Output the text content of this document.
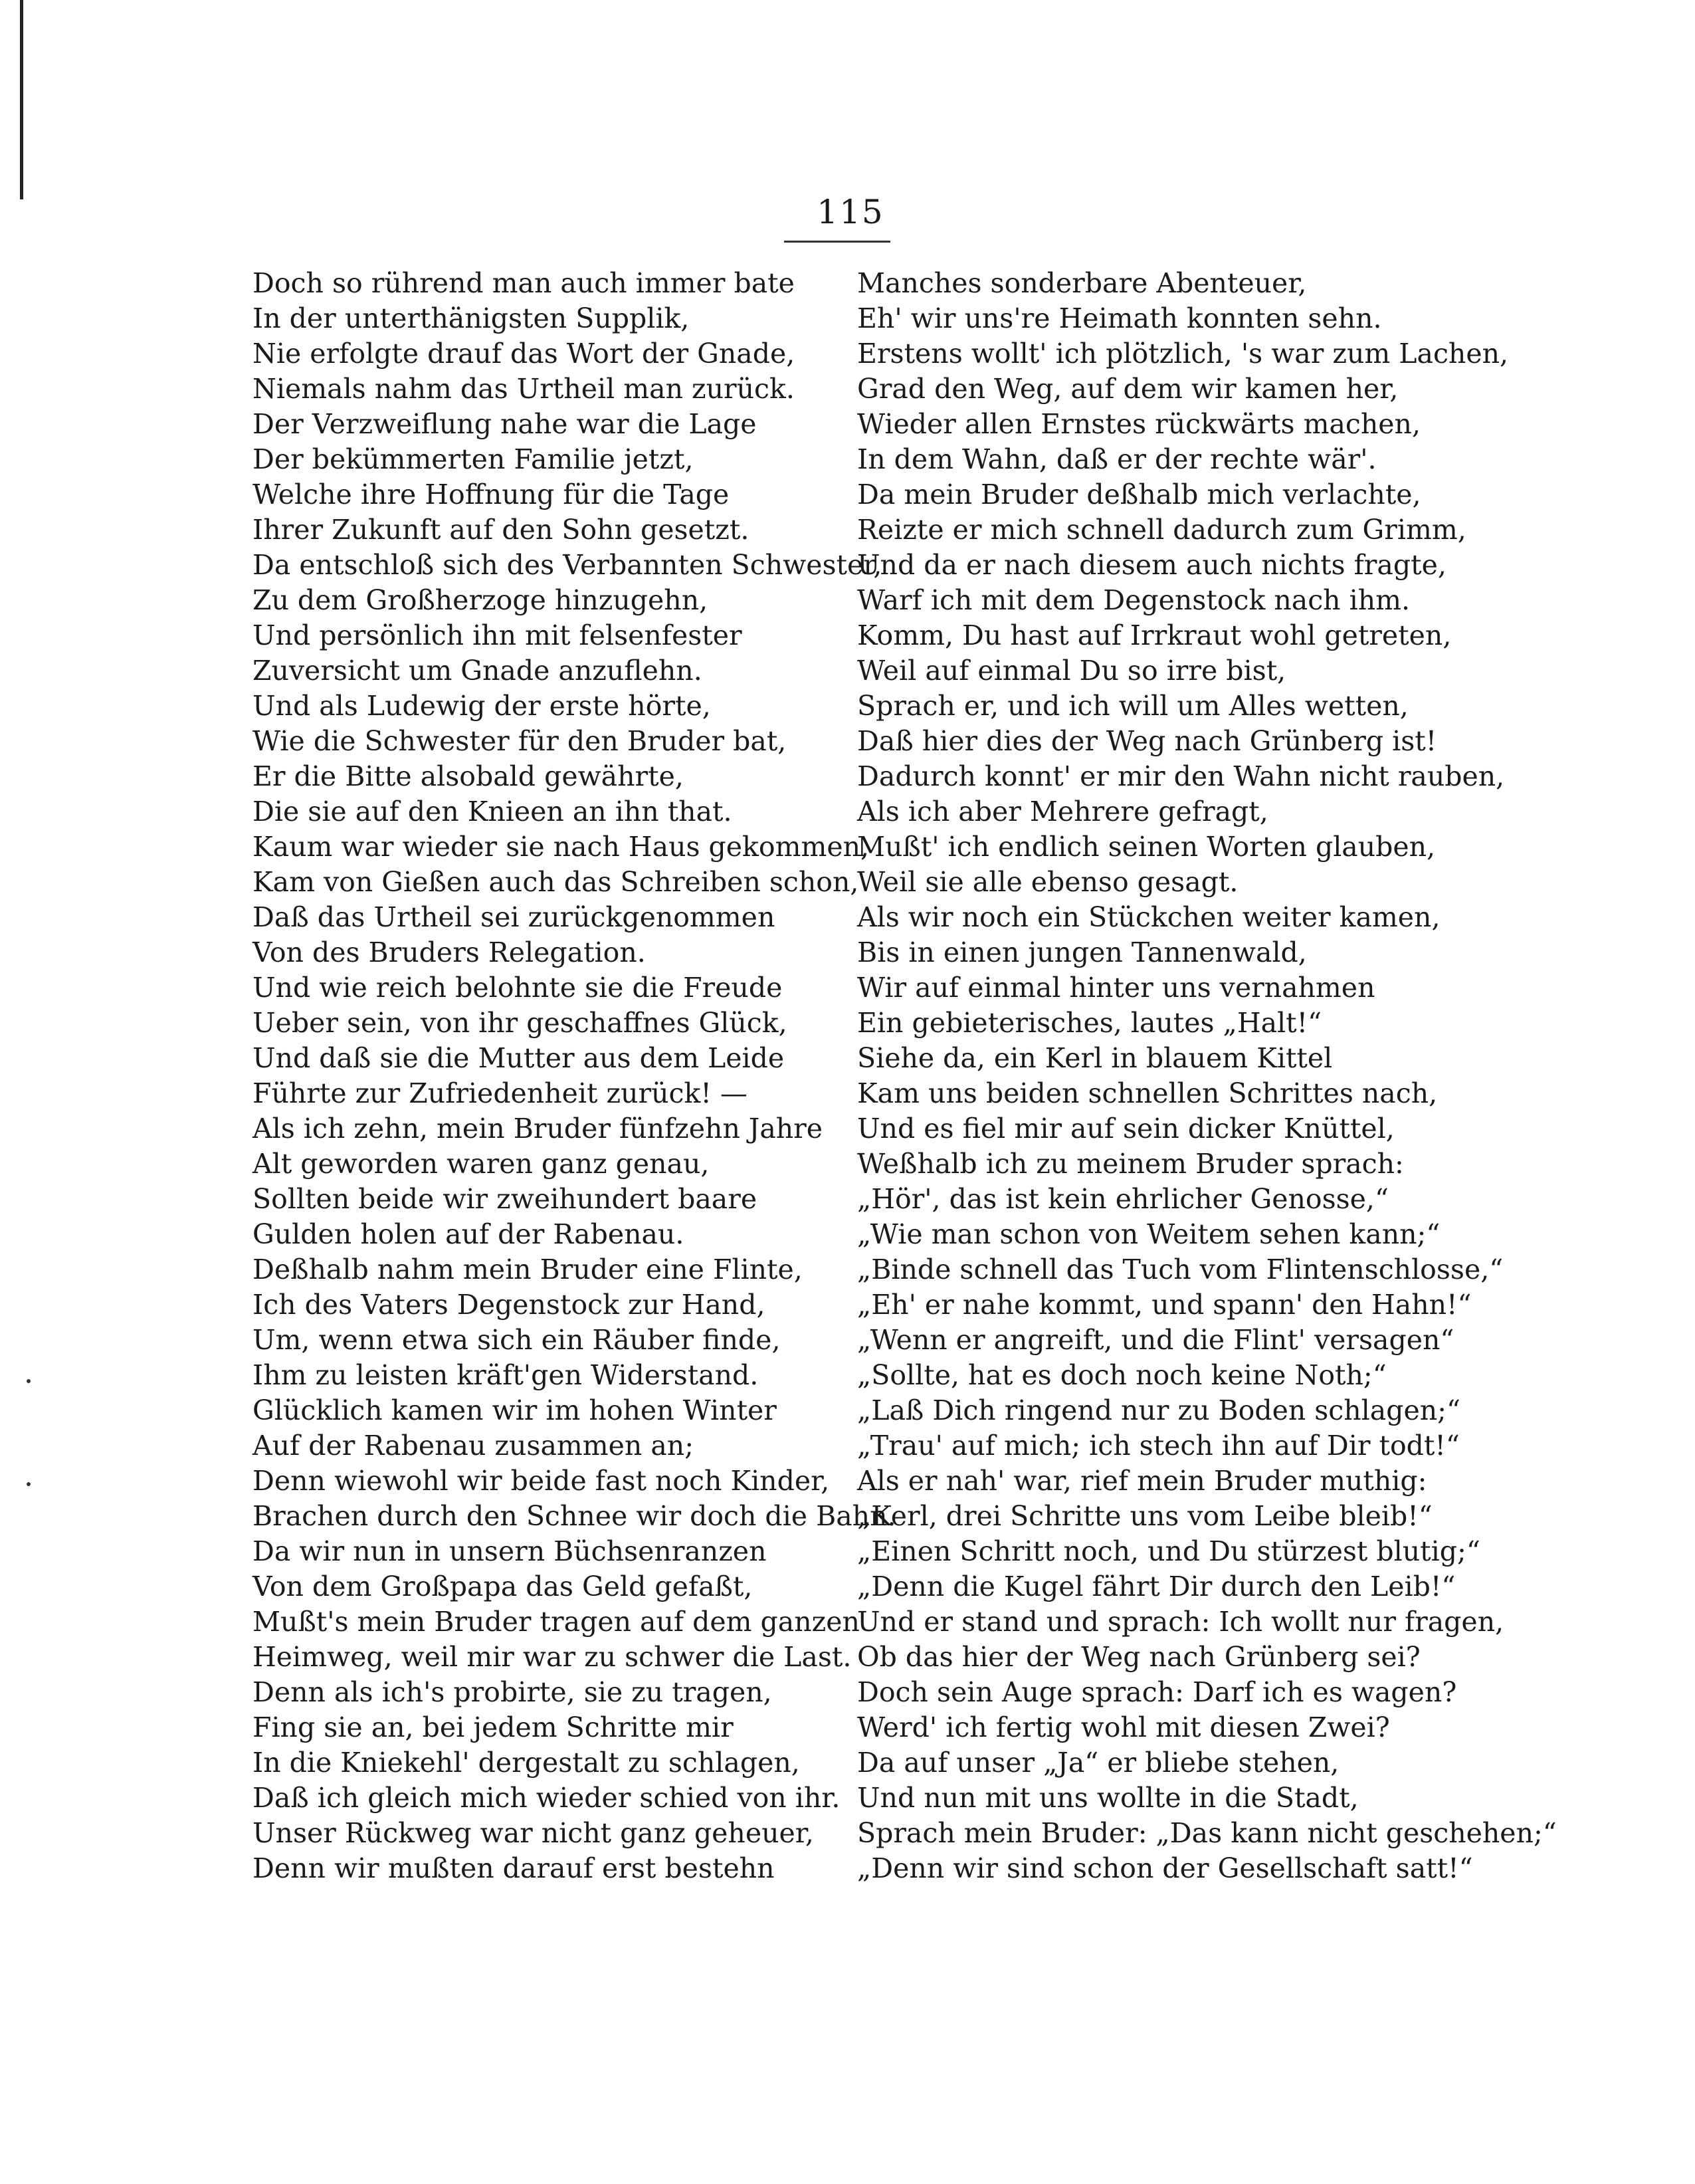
115
Doch so rührend man auch immer bate
In der unterthänigsten Supplik,
Nie erfolgte drauf das Wort der Gnade,
Niemals nahm das Urtheil man zurück.
Der Verzweiflung nahe war die Lage
Der bekümmerten Familie jetzt,
Welche ihre Hoffnung für die Tage
Ihrer Zukunft auf den Sohn gesetzt.
Da entschloß sich des Verbannten Schwester,
Zu dem Großherzoge hinzugehn,
Und persönlich ihn mit felsenfester
Zuversicht um Gnade anzuflehn.
Und als Ludewig der erste hörte,
Wie die Schwester für den Bruder bat,
Er die Bitte alsobald gewährte,
Die sie auf den Knieen an ihn that.
Kaum war wieder sie nach Haus gekommen,
Kam von Gießen auch das Schreiben schon,
Daß das Urtheil sei zurückgenommen
Von des Bruders Relegation.
Und wie reich belohnte sie die Freude
Ueber sein, von ihr geschaffnes Glück,
Und daß sie die Mutter aus dem Leide
Führte zur Zufriedenheit zurück! —
Als ich zehn, mein Bruder fünfzehn Jahre
Alt geworden waren ganz genau,
Sollten beide wir zweihundert baare
Gulden holen auf der Rabenau.
Deßhalb nahm mein Bruder eine Flinte,
Ich des Vaters Degenstock zur Hand,
Um, wenn etwa sich ein Räuber finde,
Ihm zu leisten kräft'gen Widerstand.
Glücklich kamen wir im hohen Winter
Auf der Rabenau zusammen an;
Denn wiewohl wir beide fast noch Kinder,
Brachen durch den Schnee wir doch die Bahn.
Da wir nun in unsern Büchsenranzen
Von dem Großpapa das Geld gefaßt,
Mußt's mein Bruder tragen auf dem ganzen
Heimweg, weil mir war zu schwer die Last.
Denn als ich's probirte, sie zu tragen,
Fing sie an, bei jedem Schritte mir
In die Kniekehl' dergestalt zu schlagen,
Daß ich gleich mich wieder schied von ihr.
Unser Rückweg war nicht ganz geheuer,
Denn wir mußten darauf erst bestehn
Manches sonderbare Abenteuer,
Eh' wir uns're Heimath konnten sehn.
Erstens wollt' ich plötzlich, 's war zum Lachen,
Grad den Weg, auf dem wir kamen her,
Wieder allen Ernstes rückwärts machen,
In dem Wahn, daß er der rechte wär'.
Da mein Bruder deßhalb mich verlachte,
Reizte er mich schnell dadurch zum Grimm,
Und da er nach diesem auch nichts fragte,
Warf ich mit dem Degenstock nach ihm.
Komm, Du hast auf Irrkraut wohl getreten,
Weil auf einmal Du so irre bist,
Sprach er, und ich will um Alles wetten,
Daß hier dies der Weg nach Grünberg ist!
Dadurch konnt' er mir den Wahn nicht rauben,
Als ich aber Mehrere gefragt,
Mußt' ich endlich seinen Worten glauben,
Weil sie alle ebenso gesagt.
Als wir noch ein Stückchen weiter kamen,
Bis in einen jungen Tannenwald,
Wir auf einmal hinter uns vernahmen
Ein gebieterisches, lautes „Halt!“
Siehe da, ein Kerl in blauem Kittel
Kam uns beiden schnellen Schrittes nach,
Und es fiel mir auf sein dicker Knüttel,
Weßhalb ich zu meinem Bruder sprach:
„Hör', das ist kein ehrlicher Genosse,“
„Wie man schon von Weitem sehen kann;“
„Binde schnell das Tuch vom Flintenschlosse,“
„Eh' er nahe kommt, und spann' den Hahn!“
„Wenn er angreift, und die Flint' versagen“
„Sollte, hat es doch noch keine Noth;“
„Laß Dich ringend nur zu Boden schlagen;“
„Trau' auf mich; ich stech ihn auf Dir todt!“
Als er nah' war, rief mein Bruder muthig:
„Kerl, drei Schritte uns vom Leibe bleib!“
„Einen Schritt noch, und Du stürzest blutig;“
„Denn die Kugel fährt Dir durch den Leib!“
Und er stand und sprach: Ich wollt nur fragen,
Ob das hier der Weg nach Grünberg sei?
Doch sein Auge sprach: Darf ich es wagen?
Werd' ich fertig wohl mit diesen Zwei?
Da auf unser „Ja“ er bliebe stehen,
Und nun mit uns wollte in die Stadt,
Sprach mein Bruder: „Das kann nicht geschehen;“
„Denn wir sind schon der Gesellschaft satt!“
